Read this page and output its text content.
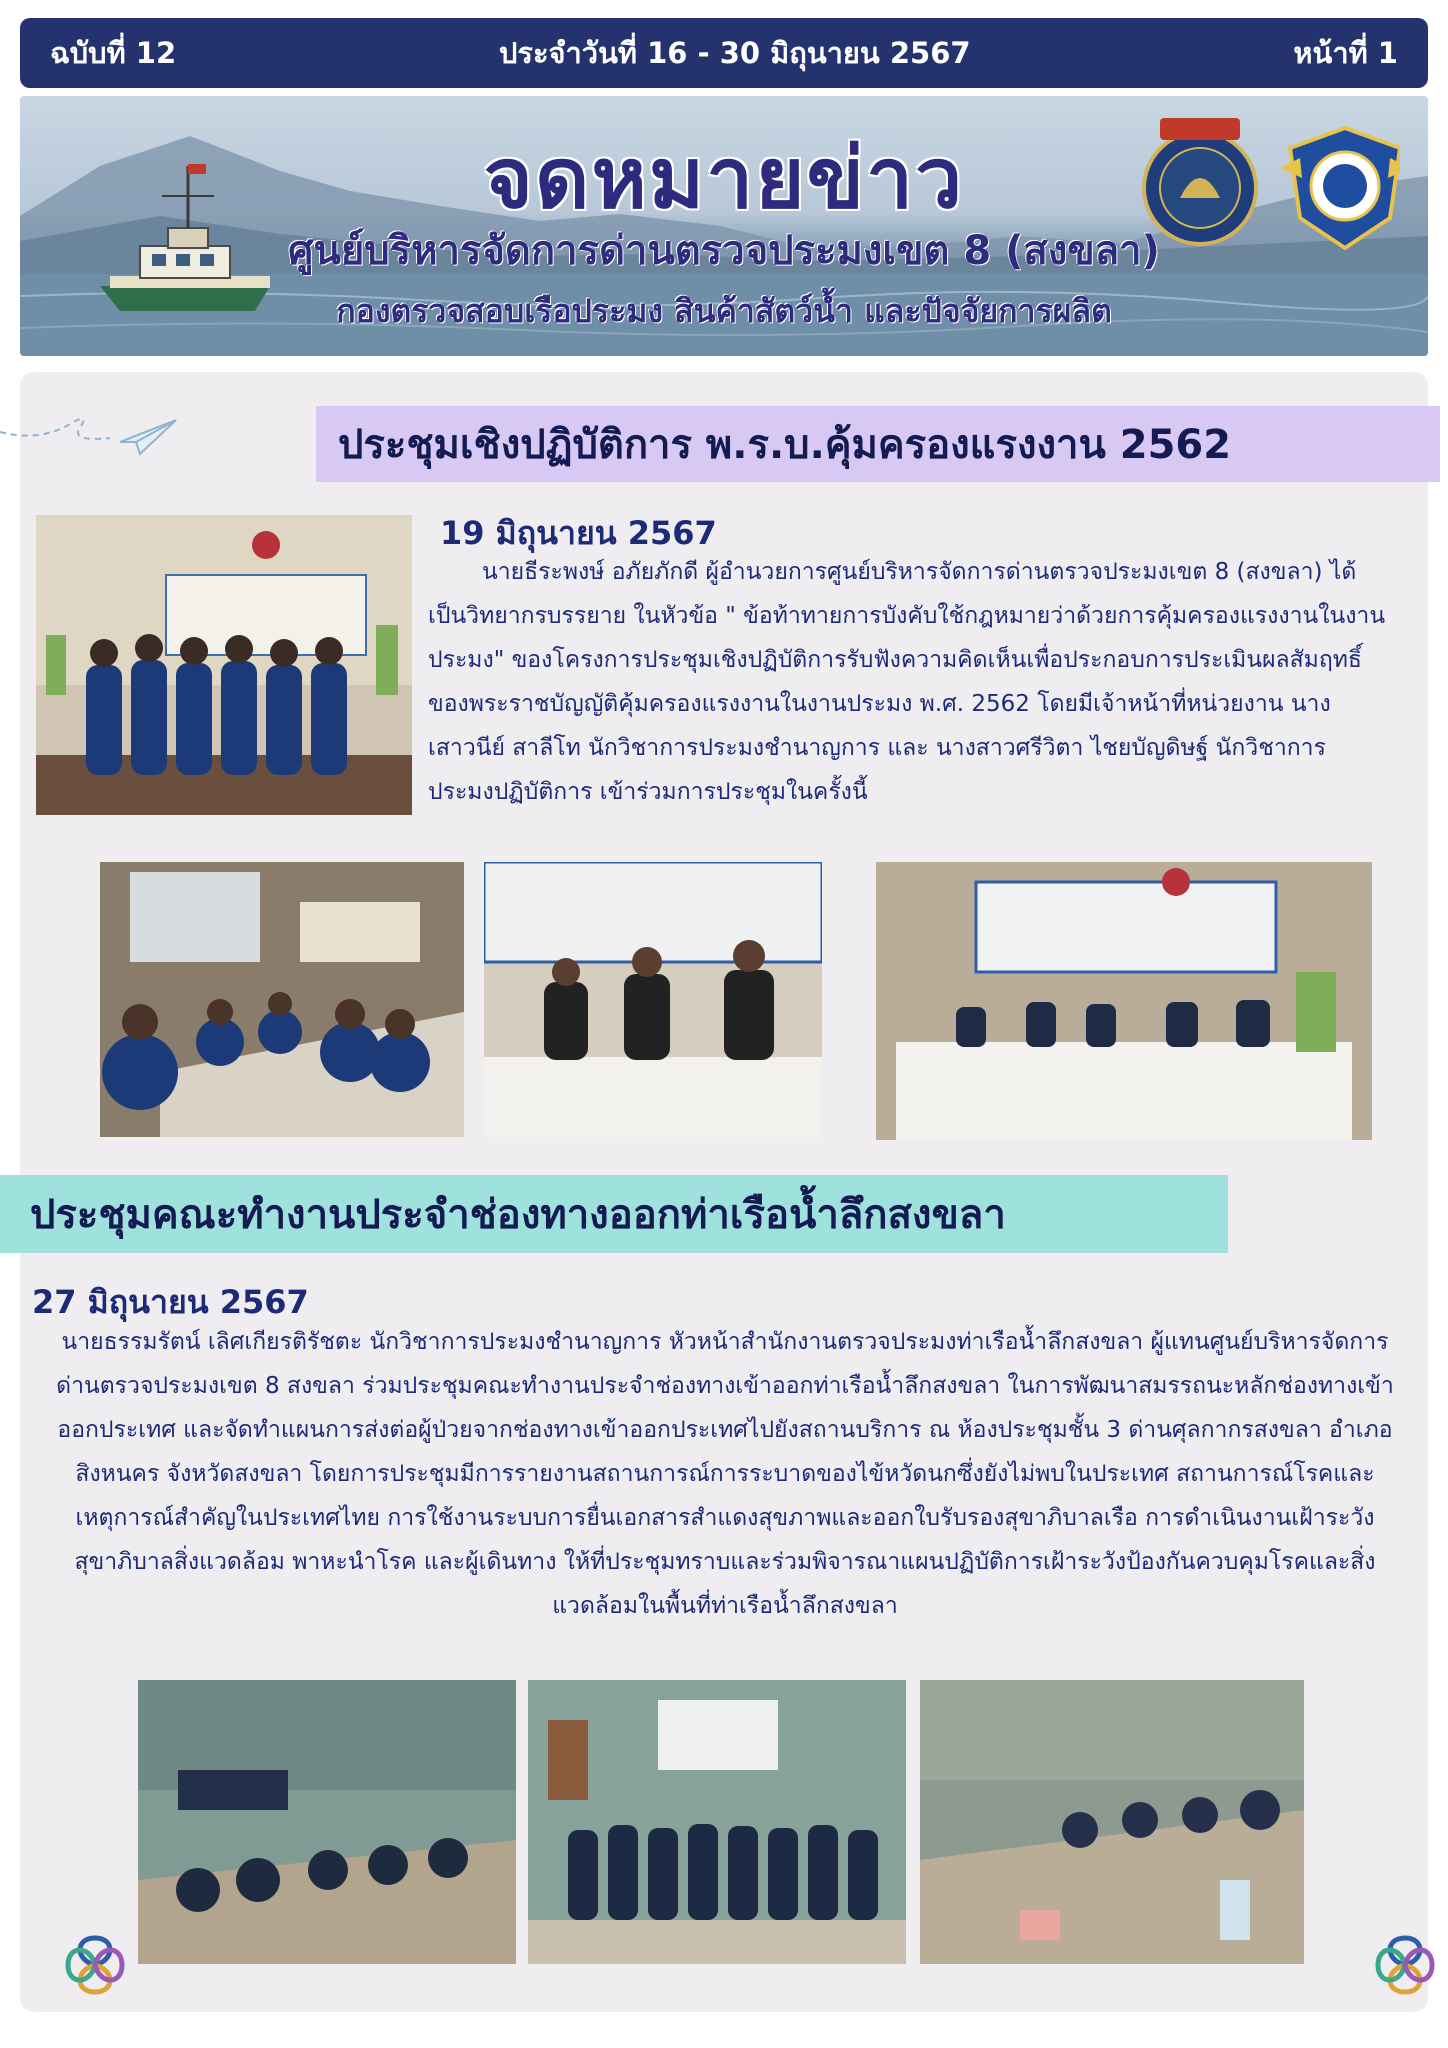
ฉบับที่ 12	ประจำวันที่ 16 - 30 มิถุนายน 2567	หน้าที่ 1
จดหมายข่าว
ศูนย์บริหารจัดการด่านตรวจประมงเขต 8 (สงขลา)
กองตรวจสอบเรือประมง สินค้าสัตว์น้ำ และปัจจัยการผลิต
ประชุมเชิงปฏิบัติการ พ.ร.บ.คุ้มครองแรงงาน 2562
19 มิถุนายน 2567
นายธีระพงษ์ อภัยภักดี ผู้อำนวยการศูนย์บริหารจัดการด่านตรวจประมงเขต 8 (สงขลา) ได้เป็นวิทยากรบรรยาย ในหัวข้อ " ข้อท้าทายการบังคับใช้กฎหมายว่าด้วยการคุ้มครองแรงงานในงานประมง" ของโครงการประชุมเชิงปฏิบัติการรับฟังความคิดเห็นเพื่อประกอบการประเมินผลสัมฤทธิ์ของพระราชบัญญัติคุ้มครองแรงงานในงานประมง พ.ศ. 2562 โดยมีเจ้าหน้าที่หน่วยงาน นางเสาวนีย์ สาลีโท นักวิชาการประมงชำนาญการ และ นางสาวศรีวิตา ไชยบัญดิษฐ์ นักวิชาการประมงปฏิบัติการ เข้าร่วมการประชุมในครั้งนี้
ประชุมคณะทำงานประจำช่องทางออกท่าเรือน้ำลึกสงขลา
27 มิถุนายน 2567
นายธรรมรัตน์ เลิศเกียรติรัชตะ นักวิชาการประมงชำนาญการ หัวหน้าสำนักงานตรวจประมงท่าเรือน้ำลึกสงขลา ผู้แทนศูนย์บริหารจัดการด่านตรวจประมงเขต 8 สงขลา ร่วมประชุมคณะทำงานประจำช่องทางเข้าออกท่าเรือน้ำลึกสงขลา ในการพัฒนาสมรรถนะหลักช่องทางเข้าออกประเทศ และจัดทำแผนการส่งต่อผู้ป่วยจากช่องทางเข้าออกประเทศไปยังสถานบริการ ณ ห้องประชุมชั้น 3 ด่านศุลกากรสงขลา อำเภอสิงหนคร จังหวัดสงขลา โดยการประชุมมีการรายงานสถานการณ์การระบาดของไข้หวัดนกซึ่งยังไม่พบในประเทศ สถานการณ์โรคและเหตุการณ์สำคัญในประเทศไทย การใช้งานระบบการยื่นเอกสารสำแดงสุขภาพและออกใบรับรองสุขาภิบาลเรือ การดำเนินงานเฝ้าระวังสุขาภิบาลสิ่งแวดล้อม พาหะนำโรค และผู้เดินทาง ให้ที่ประชุมทราบและร่วมพิจารณาแผนปฏิบัติการเฝ้าระวังป้องกันควบคุมโรคและสิ่งแวดล้อมในพื้นที่ท่าเรือน้ำลึกสงขลา
